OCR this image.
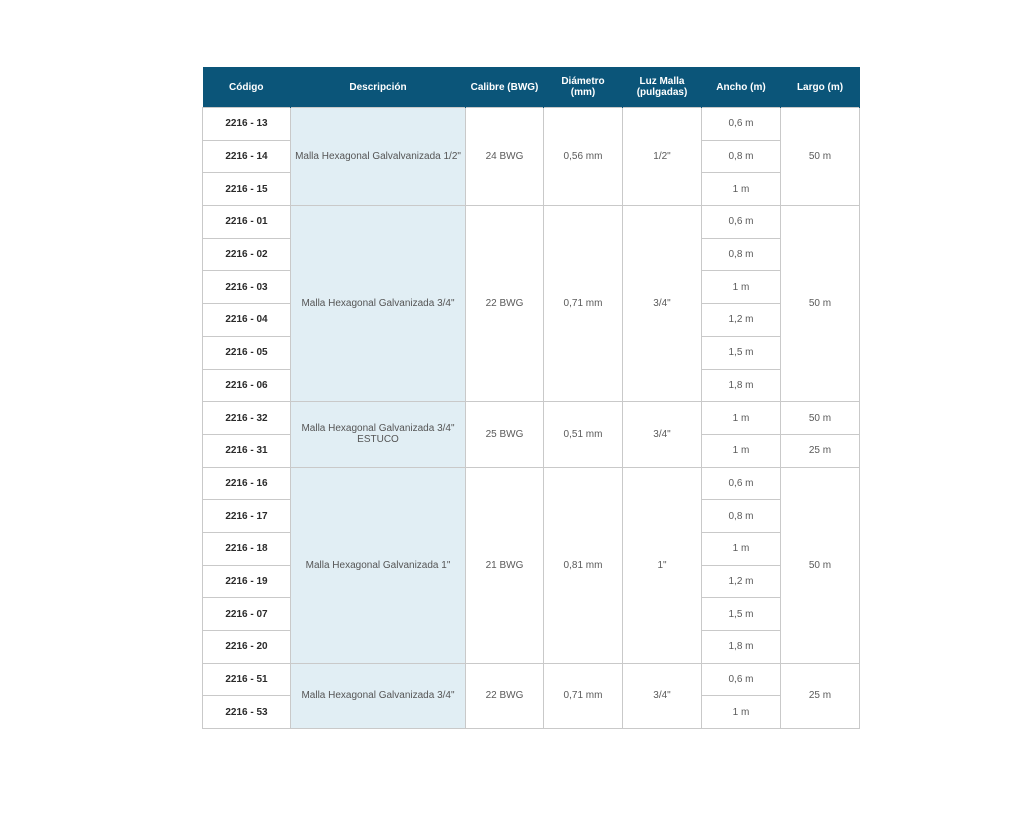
Código	Descripción	Calibre (BWG)	Diámetro (mm)	Luz Malla (pulgadas)	Ancho (m)	Largo (m)
2216 - 13	Malla Hexagonal Galvalvanizada 1/2"	24 BWG	0,56 mm	1/2"	0,6 m	50 m
2216 - 14					0,8 m	
2216 - 15					1 m	
2216 - 01	Malla Hexagonal Galvanizada 3/4"	22 BWG	0,71 mm	3/4"	0,6 m	50 m
2216 - 02					0,8 m	
2216 - 03					1 m	
2216 - 04					1,2 m	
2216 - 05					1,5 m	
2216 - 06					1,8 m	
2216 - 32	Malla Hexagonal Galvanizada 3/4" ESTUCO	25 BWG	0,51 mm	3/4"	1 m	50 m
2216 - 31					1 m	25 m
2216 - 16	Malla Hexagonal Galvanizada 1"	21 BWG	0,81 mm	1"	0,6 m	50 m
2216 - 17					0,8 m	
2216 - 18					1 m	
2216 - 19					1,2 m	
2216 - 07					1,5 m	
2216 - 20					1,8 m	
2216 - 51	Malla Hexagonal Galvanizada 3/4"	22 BWG	0,71 mm	3/4"	0,6 m	25 m
2216 - 53					1 m	
